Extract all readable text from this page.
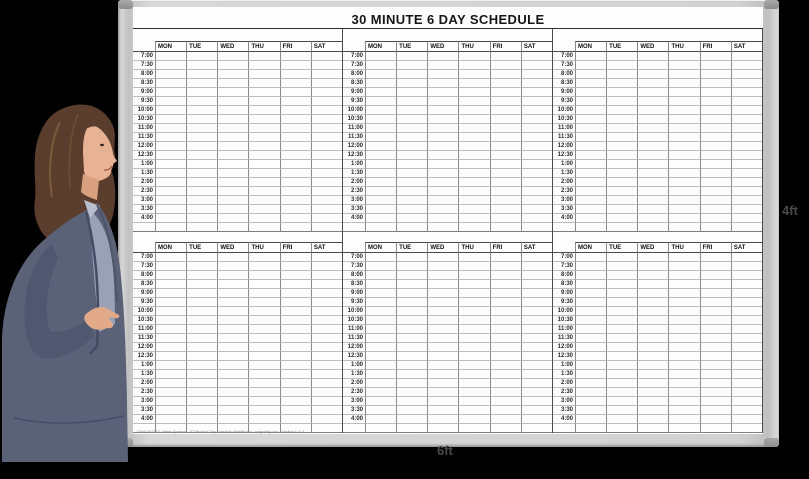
30 MINUTE 6 DAY SCHEDULE
MON	TUE	WED	THU	FRI	SAT
7:00
7:30
8:00
8:30
9:00
9:30
10:00
10:30
11:00
11:30
12:00
12:30
1:00
1:30
2:00
2:30
3:00
3:30
4:00
MON	TUE	WED	THU	FRI	SAT
7:00
7:30
8:00
8:30
9:00
9:30
10:00
10:30
11:00
11:30
12:00
12:30
1:00
1:30
2:00
2:30
3:00
3:30
4:00
MON	TUE	WED	THU	FRI	SAT
7:00
7:30
8:00
8:30
9:00
9:30
10:00
10:30
11:00
11:30
12:00
12:30
1:00
1:30
2:00
2:30
3:00
3:30
4:00
MON	TUE	WED	THU	FRI	SAT
7:00
7:30
8:00
8:30
9:00
9:30
10:00
10:30
11:00
11:30
12:00
12:30
1:00
1:30
2:00
2:30
3:00
3:30
4:00
MON	TUE	WED	THU	FRI	SAT
7:00
7:30
8:00
8:30
9:00
9:30
10:00
10:30
11:00
11:30
12:00
12:30
1:00
1:30
2:00
2:30
3:00
3:30
4:00
MON	TUE	WED	THU	FRI	SAT
7:00
7:30
8:00
8:30
9:00
9:30
10:00
10:30
11:00
11:30
12:00
12:30
1:00
1:30
2:00
2:30
3:00
3:30
4:00
©MAGNATAG Visible Systems · 30 Minute 6 Day Schedule WhiteBoard · magnatag.com · Made in U.S.A.
4ft
6ft
